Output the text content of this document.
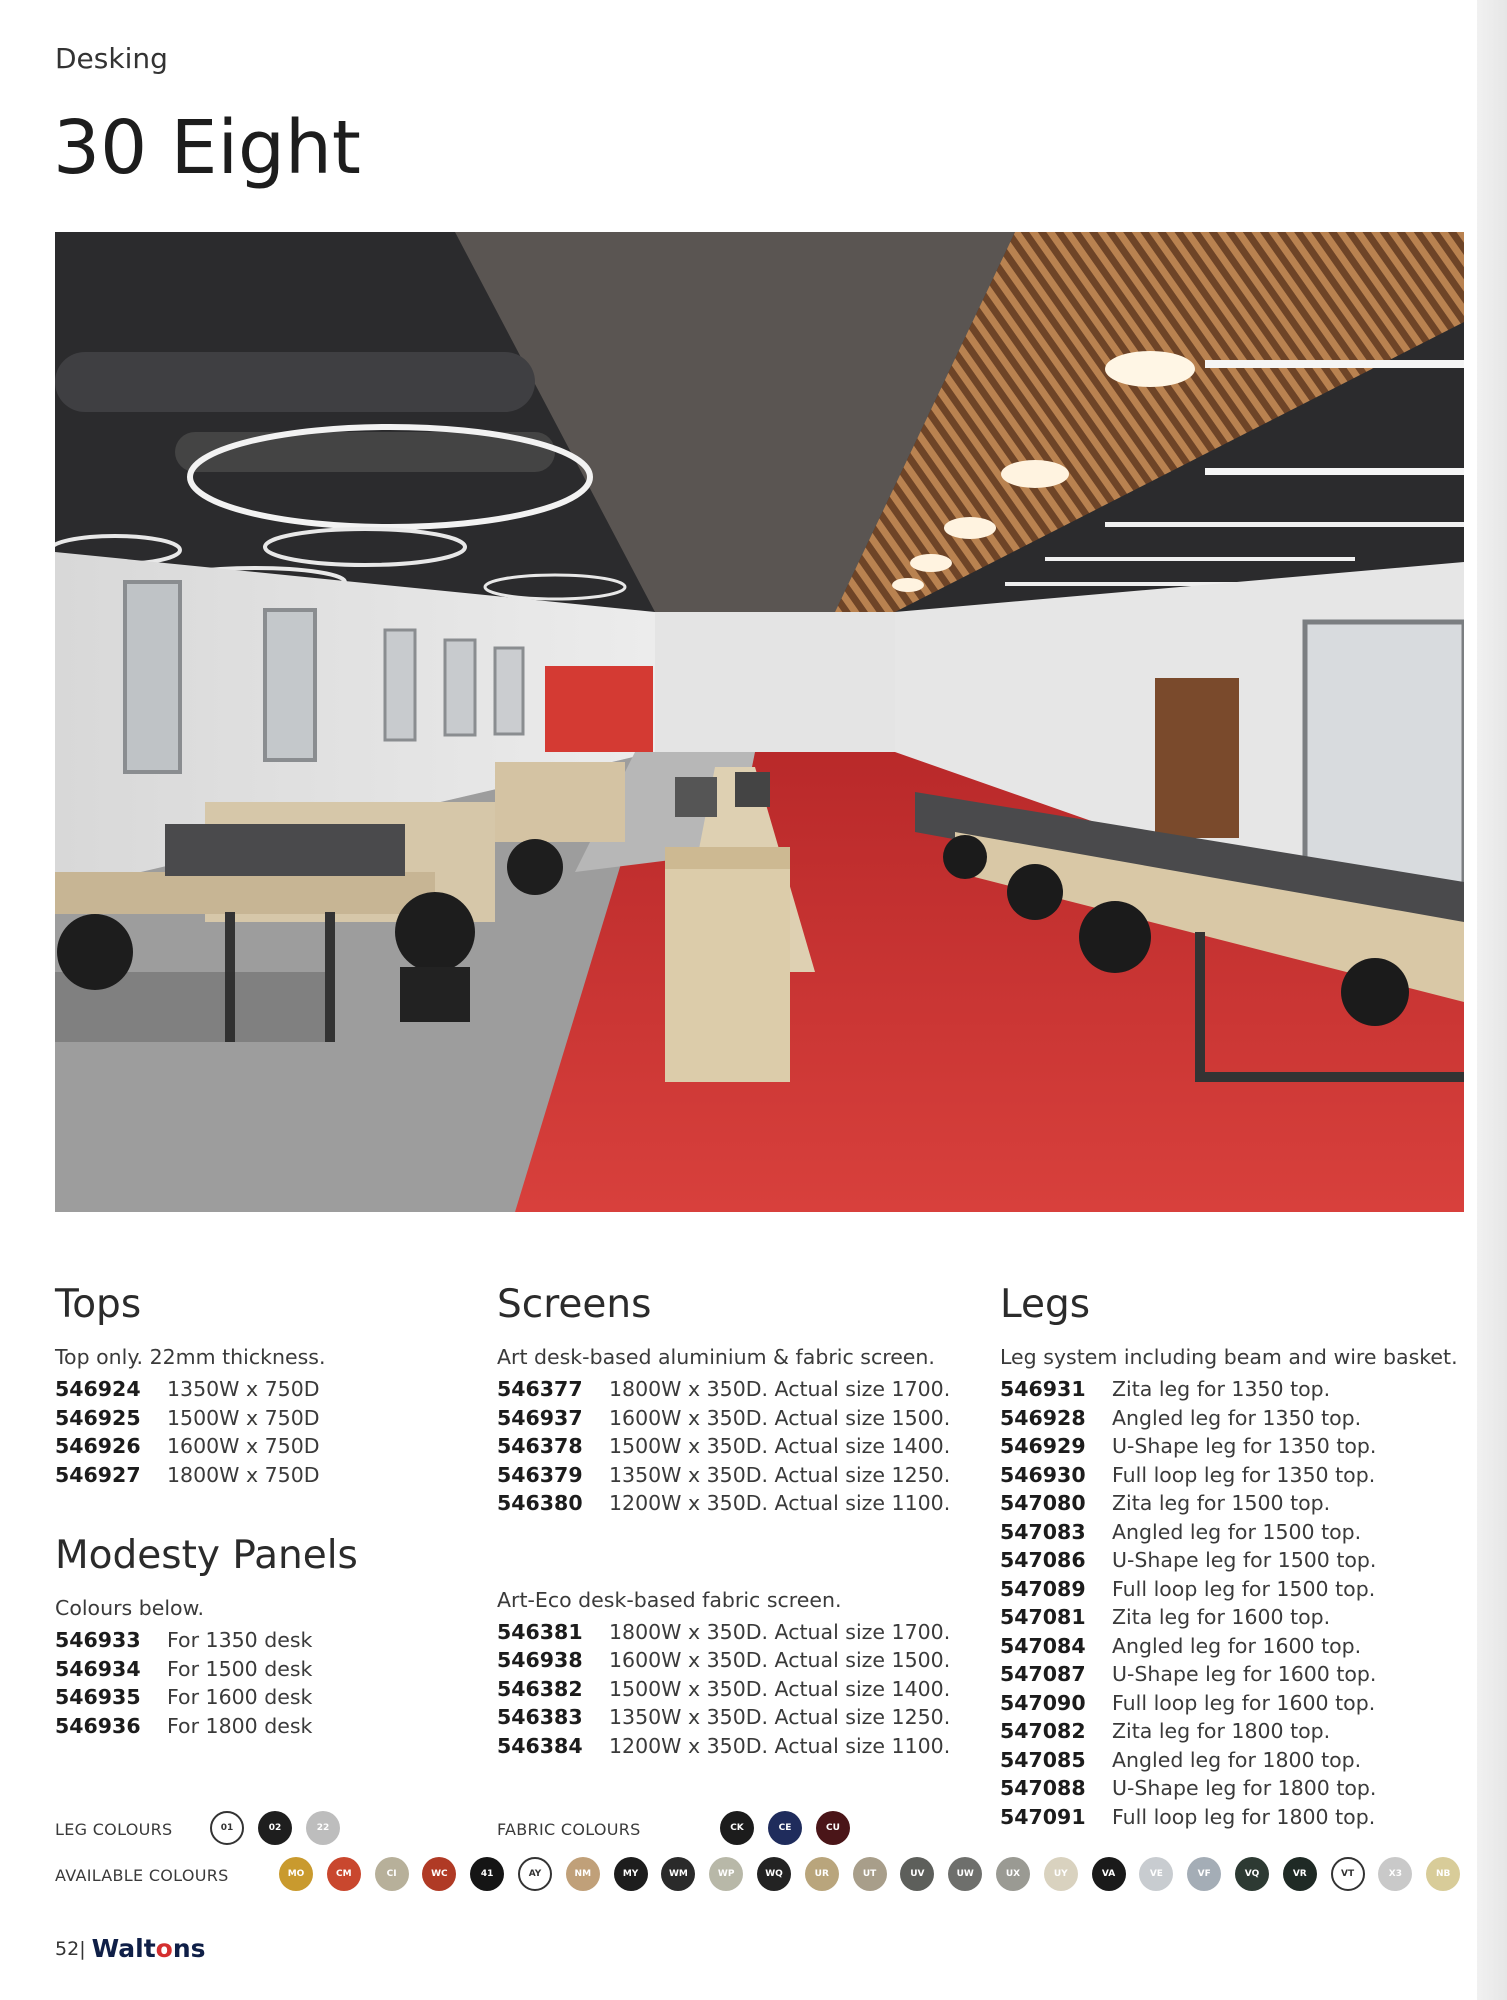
Desking
30 Eight
Tops
Top only. 22mm thickness.
546924	1350W x 750D
546925	1500W x 750D
546926	1600W x 750D
546927	1800W x 750D
Modesty Panels
Colours below.
546933	For 1350 desk
546934	For 1500 desk
546935	For 1600 desk
546936	For 1800 desk
Screens
Art desk-based aluminium & fabric screen.
546377	1800W x 350D. Actual size 1700.
546937	1600W x 350D. Actual size 1500.
546378	1500W x 350D. Actual size 1400.
546379	1350W x 350D. Actual size 1250.
546380	1200W x 350D. Actual size 1100.
Art-Eco desk-based fabric screen.
546381	1800W x 350D. Actual size 1700.
546938	1600W x 350D. Actual size 1500.
546382	1500W x 350D. Actual size 1400.
546383	1350W x 350D. Actual size 1250.
546384	1200W x 350D. Actual size 1100.
Legs
Leg system including beam and wire basket.
546931	Zita leg for 1350 top.
546928	Angled leg for 1350 top.
546929	U-Shape leg for 1350 top.
546930	Full loop leg for 1350 top.
547080	Zita leg for 1500 top.
547083	Angled leg for 1500 top.
547086	U-Shape leg for 1500 top.
547089	Full loop leg for 1500 top.
547081	Zita leg for 1600 top.
547084	Angled leg for 1600 top.
547087	U-Shape leg for 1600 top.
547090	Full loop leg for 1600 top.
547082	Zita leg for 1800 top.
547085	Angled leg for 1800 top.
547088	U-Shape leg for 1800 top.
547091	Full loop leg for 1800 top.
LEG COLOURS	01	02	22	FABRIC COLOURS	CK	CE	CU
AVAILABLE COLOURS	MO	CM	CI	WC	41	AY	NM	MY	WM	WP	WQ	UR	UT	UV	UW	UX	UY	VA	VE	VF	VQ	VR	VT	X3	NB
52 | Waltons
